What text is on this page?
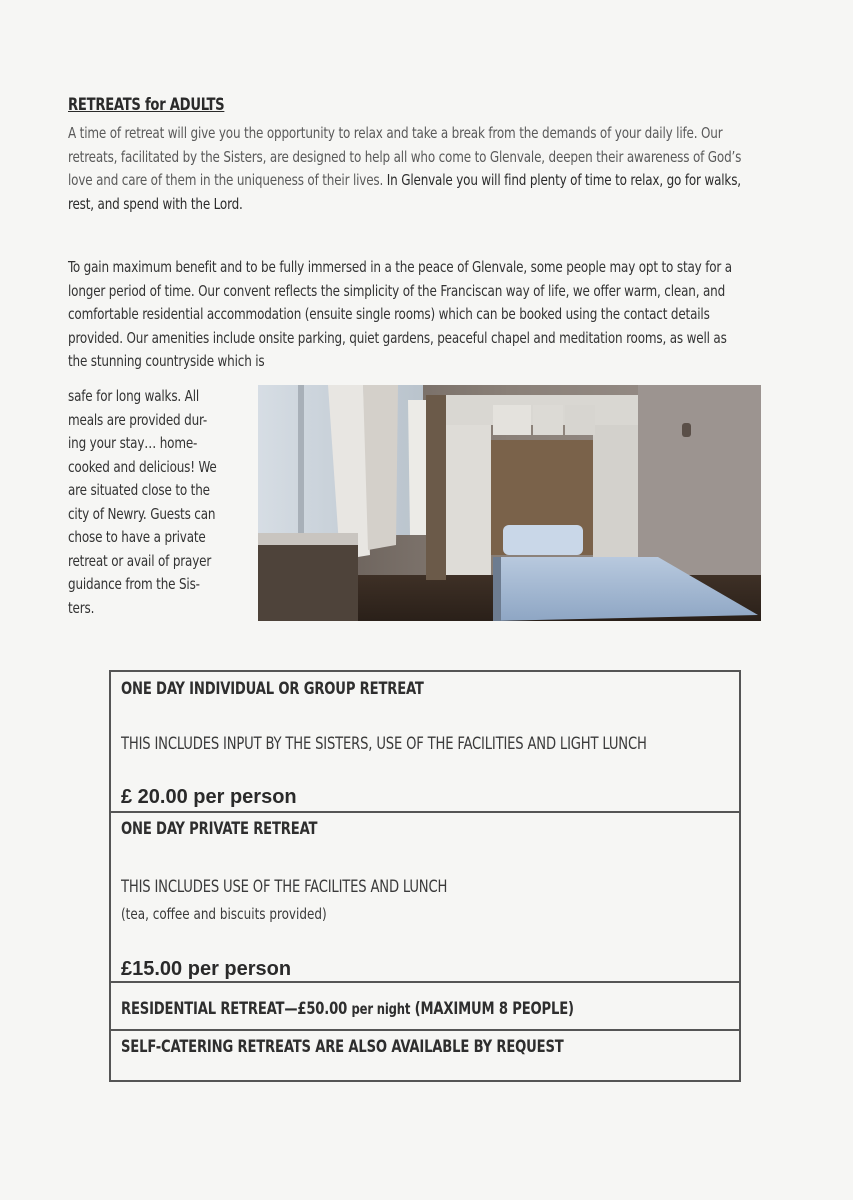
RETREATS for ADULTS
A time of retreat will give you the opportunity to relax and take a break from the demands of your daily life. Our retreats, facilitated by the Sisters, are designed to help all who come to Glenvale, deepen their awareness of God’s love and care of them in the uniqueness of their lives. In Glenvale you will find plenty of time to relax, go for walks, rest, and spend with the Lord.
To gain maximum benefit and to be fully immersed in a the peace of Glenvale, some people may opt to stay for a longer period of time. Our convent reflects the simplicity of the Franciscan way of life, we offer warm, clean, and comfortable residential accommodation (ensuite single rooms) which can be booked using the contact details provided. Our amenities include onsite parking, quiet gardens, peaceful chapel and meditation rooms, as well as the stunning countryside which is
safe for long walks. All
meals are provided dur-
ing your stay… home-
cooked and delicious! We
are situated close to the
city of Newry. Guests can
chose to have a private
retreat or avail of prayer
guidance from the Sis-
ters.
ONE DAY INDIVIDUAL OR GROUP RETREAT
THIS INCLUDES INPUT BY THE SISTERS, USE OF THE FACILITIES AND LIGHT LUNCH
£ 20.00 per person
ONE DAY PRIVATE RETREAT
THIS INCLUDES USE OF THE FACILITES AND LUNCH
(tea, coffee and biscuits provided)
£15.00 per person
RESIDENTIAL RETREAT—£50.00 per night (MAXIMUM 8 PEOPLE)
SELF-CATERING RETREATS ARE ALSO AVAILABLE BY REQUEST
